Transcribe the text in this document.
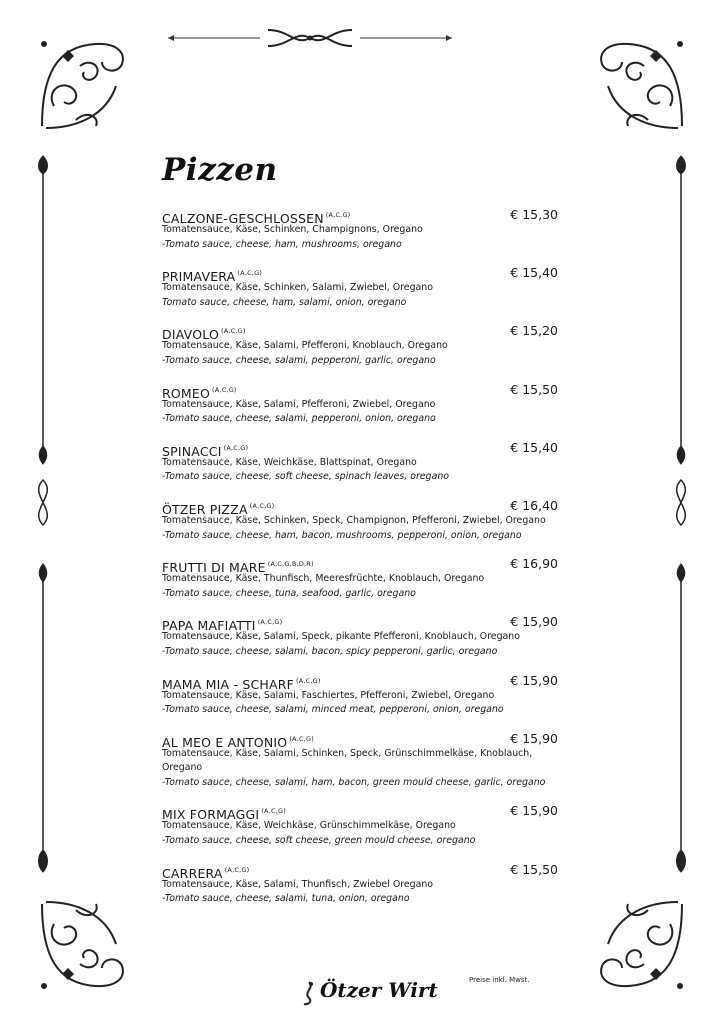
Pizzen
CALZONE-GESCHLOSSEN $^{(A,C,G)}$	€ 15,30
Tomatensauce, Käse, Schinken, Champignons, Oregano
-Tomato sauce, cheese, ham, mushrooms, oregano
PRIMAVERA $^{(A,C,G)}$	€ 15,40
Tomatensauce, Käse, Schinken, Salami, Zwiebel, Oregano
Tomato sauce, cheese, ham, salami, onion, oregano
DIAVOLO $^{(A,C,G)}$	€ 15,20
Tomatensauce, Käse, Salami, Pfefferoni, Knoblauch, Oregano
-Tomato sauce, cheese, salami, pepperoni, garlic, oregano
ROMEO $^{(A,C,G)}$	€ 15,50
Tomatensauce, Käse, Salami, Pfefferoni, Zwiebel, Oregano
-Tomato sauce, cheese, salami, pepperoni, onion, oregano
SPINACCI $^{(A,C,G)}$	€ 15,40
Tomatensauce, Käse, Weichkäse, Blattspinat, Oregano
-Tomato sauce, cheese, soft cheese, spinach leaves, oregano
ÖTZER PIZZA $^{(A,C,G)}$	€ 16,40
Tomatensauce, Käse, Schinken, Speck, Champignon, Pfefferoni, Zwiebel, Oregano
-Tomato sauce, cheese, ham, bacon, mushrooms, pepperoni, onion, oregano
FRUTTI DI MARE $^{(A,C,G,B,D,R)}$	€ 16,90
Tomatensauce, Käse, Thunfisch, Meeresfrüchte, Knoblauch, Oregano
-Tomato sauce, cheese, tuna, seafood, garlic, oregano
PAPA MAFIATTI $^{(A,C,G)}$	€ 15,90
Tomatensauce, Käse, Salami, Speck, pikante Pfefferoni, Knoblauch, Oregano
-Tomato sauce, cheese, salami, bacon, spicy pepperoni, garlic, oregano
MAMA MIA - SCHARF $^{(A,C,G)}$	€ 15,90
Tomatensauce, Käse, Salami, Faschiertes, Pfefferoni, Zwiebel, Oregano
-Tomato sauce, cheese, salami, minced meat, pepperoni, onion, oregano
AL MEO E ANTONIO $^{(A,C,G)}$	€ 15,90
Tomatensauce, Käse, Salami, Schinken, Speck, Grünschimmelkäse, Knoblauch, Oregano
-Tomato sauce, cheese, salami, ham, bacon, green mould cheese, garlic, oregano
MIX FORMAGGI $^{(A,C,G)}$	€ 15,90
Tomatensauce, Käse, Weichkäse, Grünschimmelkäse, Oregano
-Tomato sauce, cheese, soft cheese, green mould cheese, oregano
CARRERA $^{(A,C,G)}$	€ 15,50
Tomatensauce, Käse, Salami, Thunfisch, Zwiebel Oregano
-Tomato sauce, cheese, salami, tuna, onion, oregano
Ötzer Wirt	Preise inkl. Mwst.
